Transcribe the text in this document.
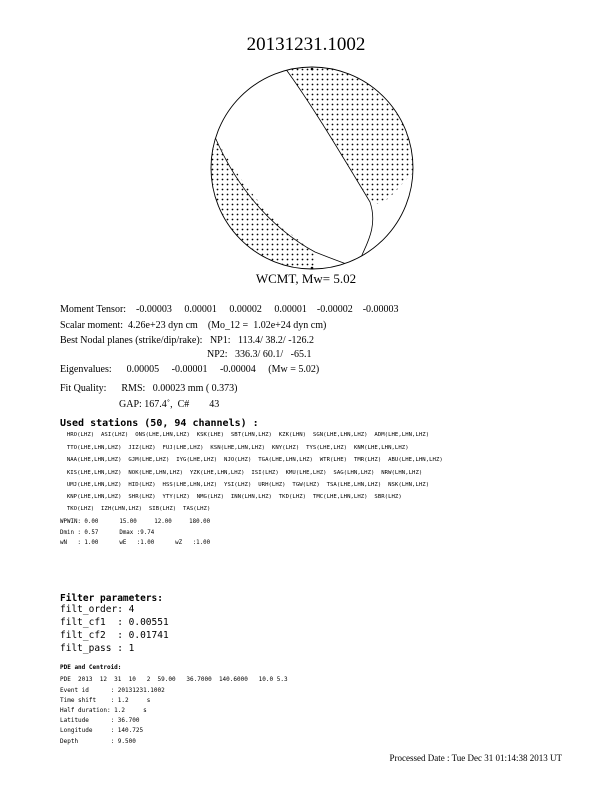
20131231.1002
WCMT, Mw= 5.02
Moment Tensor:    -0.00003     0.00001     0.00002     0.00001    -0.00002    -0.00003
Scalar moment:  4.26e+23 dyn cm    (Mo_12 =  1.02e+24 dyn cm)
Best Nodal planes (strike/dip/rake):   NP1:   113.4/ 38.2/ -126.2
NP2:   336.3/ 60.1/   -65.1
Eigenvalues:      0.00005     -0.00001     -0.00004     (Mw = 5.02)
Fit Quality:      RMS:   0.00023 mm ( 0.373)
GAP: 167.4˚,  C#        43
Used stations (50, 94 channels) :
HRO(LHZ)  ASI(LHZ)  ONS(LHE,LHN,LHZ)  KSK(LHE)  SBT(LHN,LHZ)  KZK(LHN)  SGN(LHE,LHN,LHZ)  ADM(LHE,LHN,LHZ)
TTO(LHE,LHN,LHZ)  JIZ(LHZ)  FUJ(LHE,LHZ)  KSN(LHE,LHN,LHZ)  KNY(LHZ)  TYS(LHE,LHZ)  KNM(LHE,LHN,LHZ)
NAA(LHE,LHN,LHZ)  GJM(LHE,LHZ)  IYG(LHE,LHZ)  NJO(LHZ)  TGA(LHE,LHN,LHZ)  WTR(LHE)  TMR(LHZ)  ABU(LHE,LHN,LHZ)
KIS(LHE,LHN,LHZ)  NOK(LHE,LHN,LHZ)  YZK(LHE,LHN,LHZ)  ISI(LHZ)  KMU(LHE,LHZ)  SAG(LHN,LHZ)  NRW(LHN,LHZ)
UMJ(LHE,LHN,LHZ)  HID(LHZ)  HSS(LHE,LHN,LHZ)  YSI(LHZ)  URH(LHZ)  TGW(LHZ)  TSA(LHE,LHN,LHZ)  NSK(LHN,LHZ)
KNP(LHE,LHN,LHZ)  SHR(LHZ)  YTY(LHZ)  NMG(LHZ)  INN(LHN,LHZ)  TKD(LHZ)  TMC(LHE,LHN,LHZ)  SBR(LHZ)
TKO(LHZ)  IZH(LHN,LHZ)  SIB(LHZ)  TAS(LHZ)
WPWIN: 0.00      15.00     12.00     180.00
Dmin : 0.57      Dmax :9.74
wN   : 1.00      wE   :1.00      wZ   :1.00
Filter parameters:
filt_order: 4
filt_cf1  : 0.00551
filt_cf2  : 0.01741
filt_pass : 1
PDE and Centroid:
PDE  2013  12  31  10   2  59.00   36.7000  140.6000   10.0 5.3
Event id      : 20131231.1002
Time shift    : 1.2     s
Half duration: 1.2     s
Latitude      : 36.700
Longitude     : 140.725
Depth         : 9.500
Processed Date : Tue Dec 31 01:14:38 2013 UT
